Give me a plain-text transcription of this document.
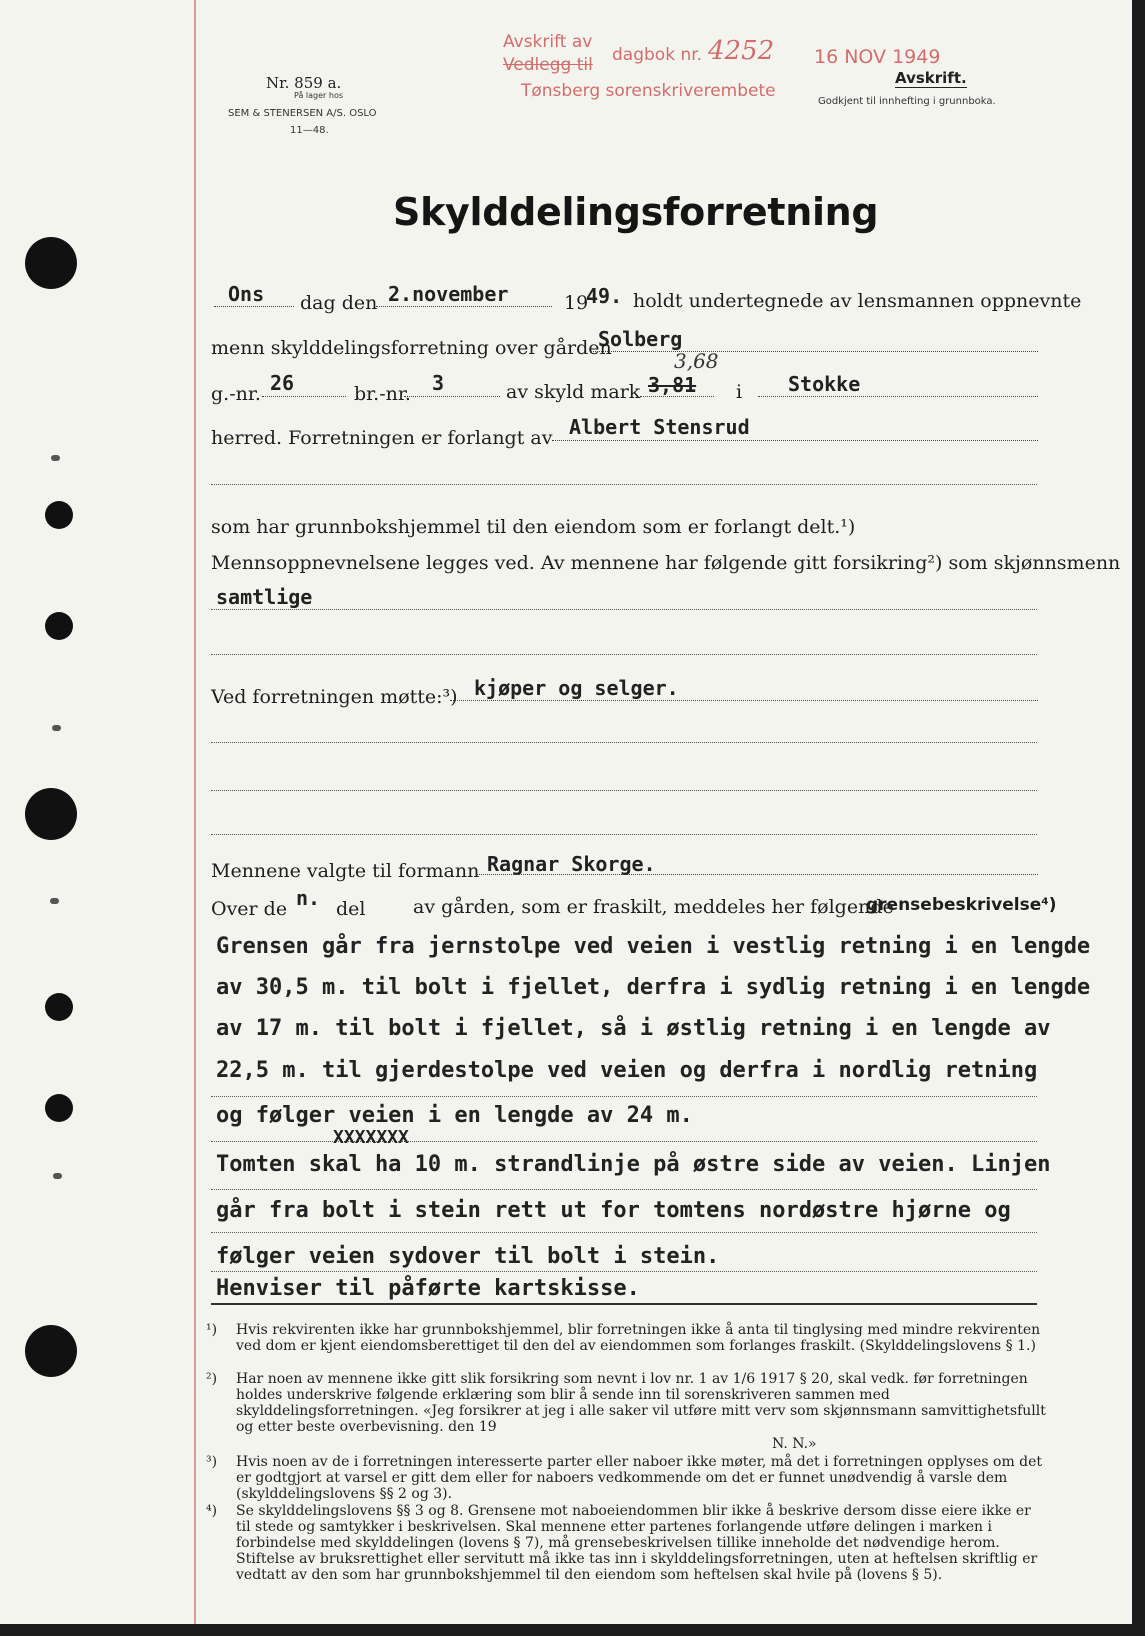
Nr. 859 a.
På lager hos
SEM & STENERSEN A/S. OSLO
11—48.
Avskrift av
Vedlegg til dagbok nr. 4252 16 NOV 1949
Tønsberg sorenskriverembete
Avskrift.
Godkjent til innhefting i grunnboka.
Skylddelingsforretning
Ons dag den 2.november	19
49. holdt undertegnede av lensmannen oppnevnte
menn skylddelingsforretning over gården
Solberg
g.-nr. 26	br.-nr. 3	av skyld mark
3,68
3,81 i Stokke
herred. Forretningen er forlangt av Albert Stensrud
som har grunnbokshjemmel til den eiendom som er forlangt delt.¹)
Mennsoppnevnelsene legges ved. Av mennene har følgende gitt forsikring²) som skjønnsmenn
samtlige
Ved forretningen møtte:³) kjøper og selger.
Mennene valgte til formann Ragnar Skorge.
Over de n. del	av gården, som er fraskilt, meddeles her følgende
grensebeskrivelse⁴)
Grensen går fra jernstolpe ved veien i vestlig retning i en lengde
av 30,5 m. til bolt i fjellet, derfra i sydlig retning i en lengde
av 17 m. til bolt i fjellet, så i østlig retning i en lengde av
22,5 m. til gjerdestolpe ved veien og derfra i nordlig retning
og følger veien i en lengde av 24 m.
XXXXXXX
Tomten skal ha 10 m. strandlinje på østre side av veien. Linjen
går fra bolt i stein rett ut for tomtens nordøstre hjørne og
følger veien sydover til bolt i stein.
Henviser til påførte kartskisse.
¹) Hvis rekvirenten ikke har grunnbokshjemmel, blir forretningen ikke å anta til tinglysing med mindre rekvirenten ved dom er kjent eiendomsberettiget til den del av eiendommen som forlanges fraskilt. (Skylddelingslovens § 1.)
²) Har noen av mennene ikke gitt slik forsikring som nevnt i lov nr. 1 av 1/6 1917 § 20, skal vedk. før forretningen holdes underskrive følgende erklæring som blir å sende inn til sorenskriveren sammen med skylddelingsforretningen. «Jeg forsikrer at jeg i alle saker vil utføre mitt verv som skjønnsmann samvittighetsfullt og etter beste overbevisning. den 19
N. N.»
³) Hvis noen av de i forretningen interesserte parter eller naboer ikke møter, må det i forretningen opplyses om det er godtgjort at varsel er gitt dem eller for naboers vedkommende om det er funnet unødvendig å varsle dem (skylddelingslovens §§ 2 og 3).
⁴) Se skylddelingslovens §§ 3 og 8. Grensene mot naboeiendommen blir ikke å beskrive dersom disse eiere ikke er til stede og samtykker i beskrivelsen. Skal mennene etter partenes forlangende utføre delingen i marken i forbindelse med skylddelingen (lovens § 7), må grensebeskrivelsen tillike inneholde det nødvendige herom. Stiftelse av bruksrettighet eller servitutt må ikke tas inn i skylddelingsforretningen, uten at heftelsen skriftlig er vedtatt av den som har grunnbokshjemmel til den eiendom som heftelsen skal hvile på (lovens § 5).
